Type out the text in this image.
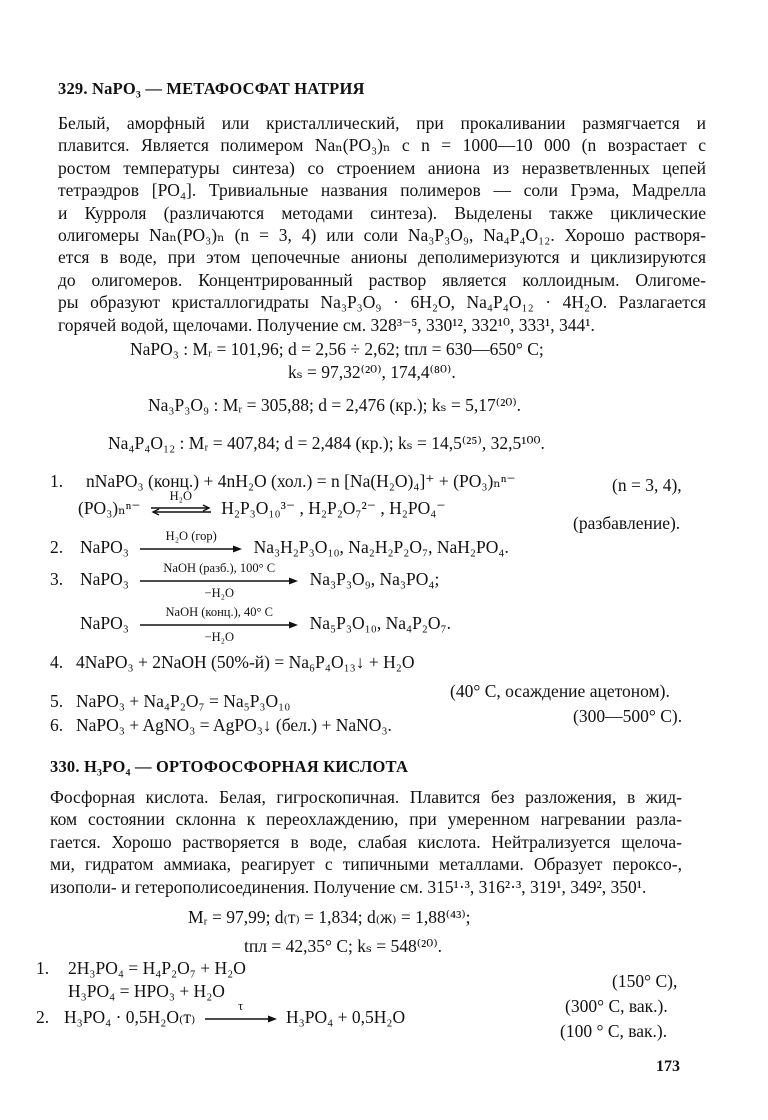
329. NaPO₃ — МЕТАФОСФАТ НАТРИЯ
Белый, аморфный или кристаллический, при прокаливании размягчается и
плавится. Является полимером Naₙ(PO₃)ₙ с n = 1000—10 000 (n возрастает с
ростом температуры синтеза) со строением аниона из неразветвленных цепей
тетраэдров [PO₄]. Тривиальные названия полимеров — соли Грэма, Мадрелла
и Курроля (различаются методами синтеза). Выделены также циклические
олигомеры Naₙ(PO₃)ₙ (n = 3, 4) или соли Na₃P₃O₉, Na₄P₄O₁₂. Хорошо растворя-
ется в воде, при этом цепочечные анионы деполимеризуются и циклизируются
до олигомеров. Концентрированный раствор является коллоидным. Олигоме-
ры образуют кристаллогидраты Na₃P₃O₉ · 6H₂O, Na₄P₄O₁₂ · 4H₂O. Разлагается
горячей водой, щелочами. Получение см. 328³⁻⁵, 330¹², 332¹⁰, 333¹, 344¹.
NaPO₃ : Mᵣ = 101,96; d = 2,56 ÷ 2,62; tпл = 630—650° C;
kₛ = 97,32⁽²⁰⁾, 174,4⁽⁸⁰⁾.
Na₃P₃O₉ : Mᵣ = 305,88; d = 2,476 (кр.); kₛ = 5,17⁽²⁰⁾.
Na₄P₄O₁₂ : Mᵣ = 407,84; d = 2,484 (кр.); kₛ = 14,5⁽²⁵⁾, 32,5¹⁰⁰.
1. nNaPO₃ (конц.) + 4nH₂O (хол.) = n [Na(H₂O)₄]⁺ + (PO₃)ₙⁿ⁻	(n = 3, 4),
(PO₃)ₙⁿ⁻
H₂O
H₂P₃O₁₀³⁻ , H₂P₂O₇²⁻ , H₂PO₄⁻
(разбавление).
2. NaPO₃
H₂O (гор)
Na₃H₂P₃O₁₀, Na₂H₂P₂O₇, NaH₂PO₄.
3. NaPO₃
NaOH (разб.), 100° C
−H₂O
Na₃P₃O₉, Na₃PO₄;
NaPO₃
NaOH (конц.), 40° C
−H₂O
Na₅P₃O₁₀, Na₄P₂O₇.
4. 4NaPO₃ + 2NaOH (50%-й) = Na₆P₄O₁₃↓ + H₂O
(40° C, осаждение ацетоном).
5. NaPO₃ + Na₄P₂O₇ = Na₅P₃O₁₀
(300—500° C).
6. NaPO₃ + AgNO₃ = AgPO₃↓ (бел.) + NaNO₃.
330. H₃PO₄ — ОРТОФОСФОРНАЯ КИСЛОТА
Фосфорная кислота. Белая, гигроскопичная. Плавится без разложения, в жид-
ком состоянии склонна к переохлаждению, при умеренном нагревании разла-
гается. Хорошо растворяется в воде, слабая кислота. Нейтрализуется щелоча-
ми, гидратом аммиака, реагирует с типичными металлами. Образует пероксо-,
изополи- и гетерополисоединения. Получение см. 315¹·³, 316²·³, 319¹, 349², 350¹.
Mᵣ = 97,99; d₍т₎ = 1,834; d₍ж₎ = 1,88⁽⁴³⁾;
tпл = 42,35° C; kₛ = 548⁽²⁰⁾.
1. 2H₃PO₄ = H₄P₂O₇ + H₂O
(150° C),
H₃PO₄ = HPO₃ + H₂O
(300° C, вак.).
2. H₃PO₄ · 0,5H₂O₍т₎
τ
H₃PO₄ + 0,5H₂O
(100 ° C, вак.).
173
